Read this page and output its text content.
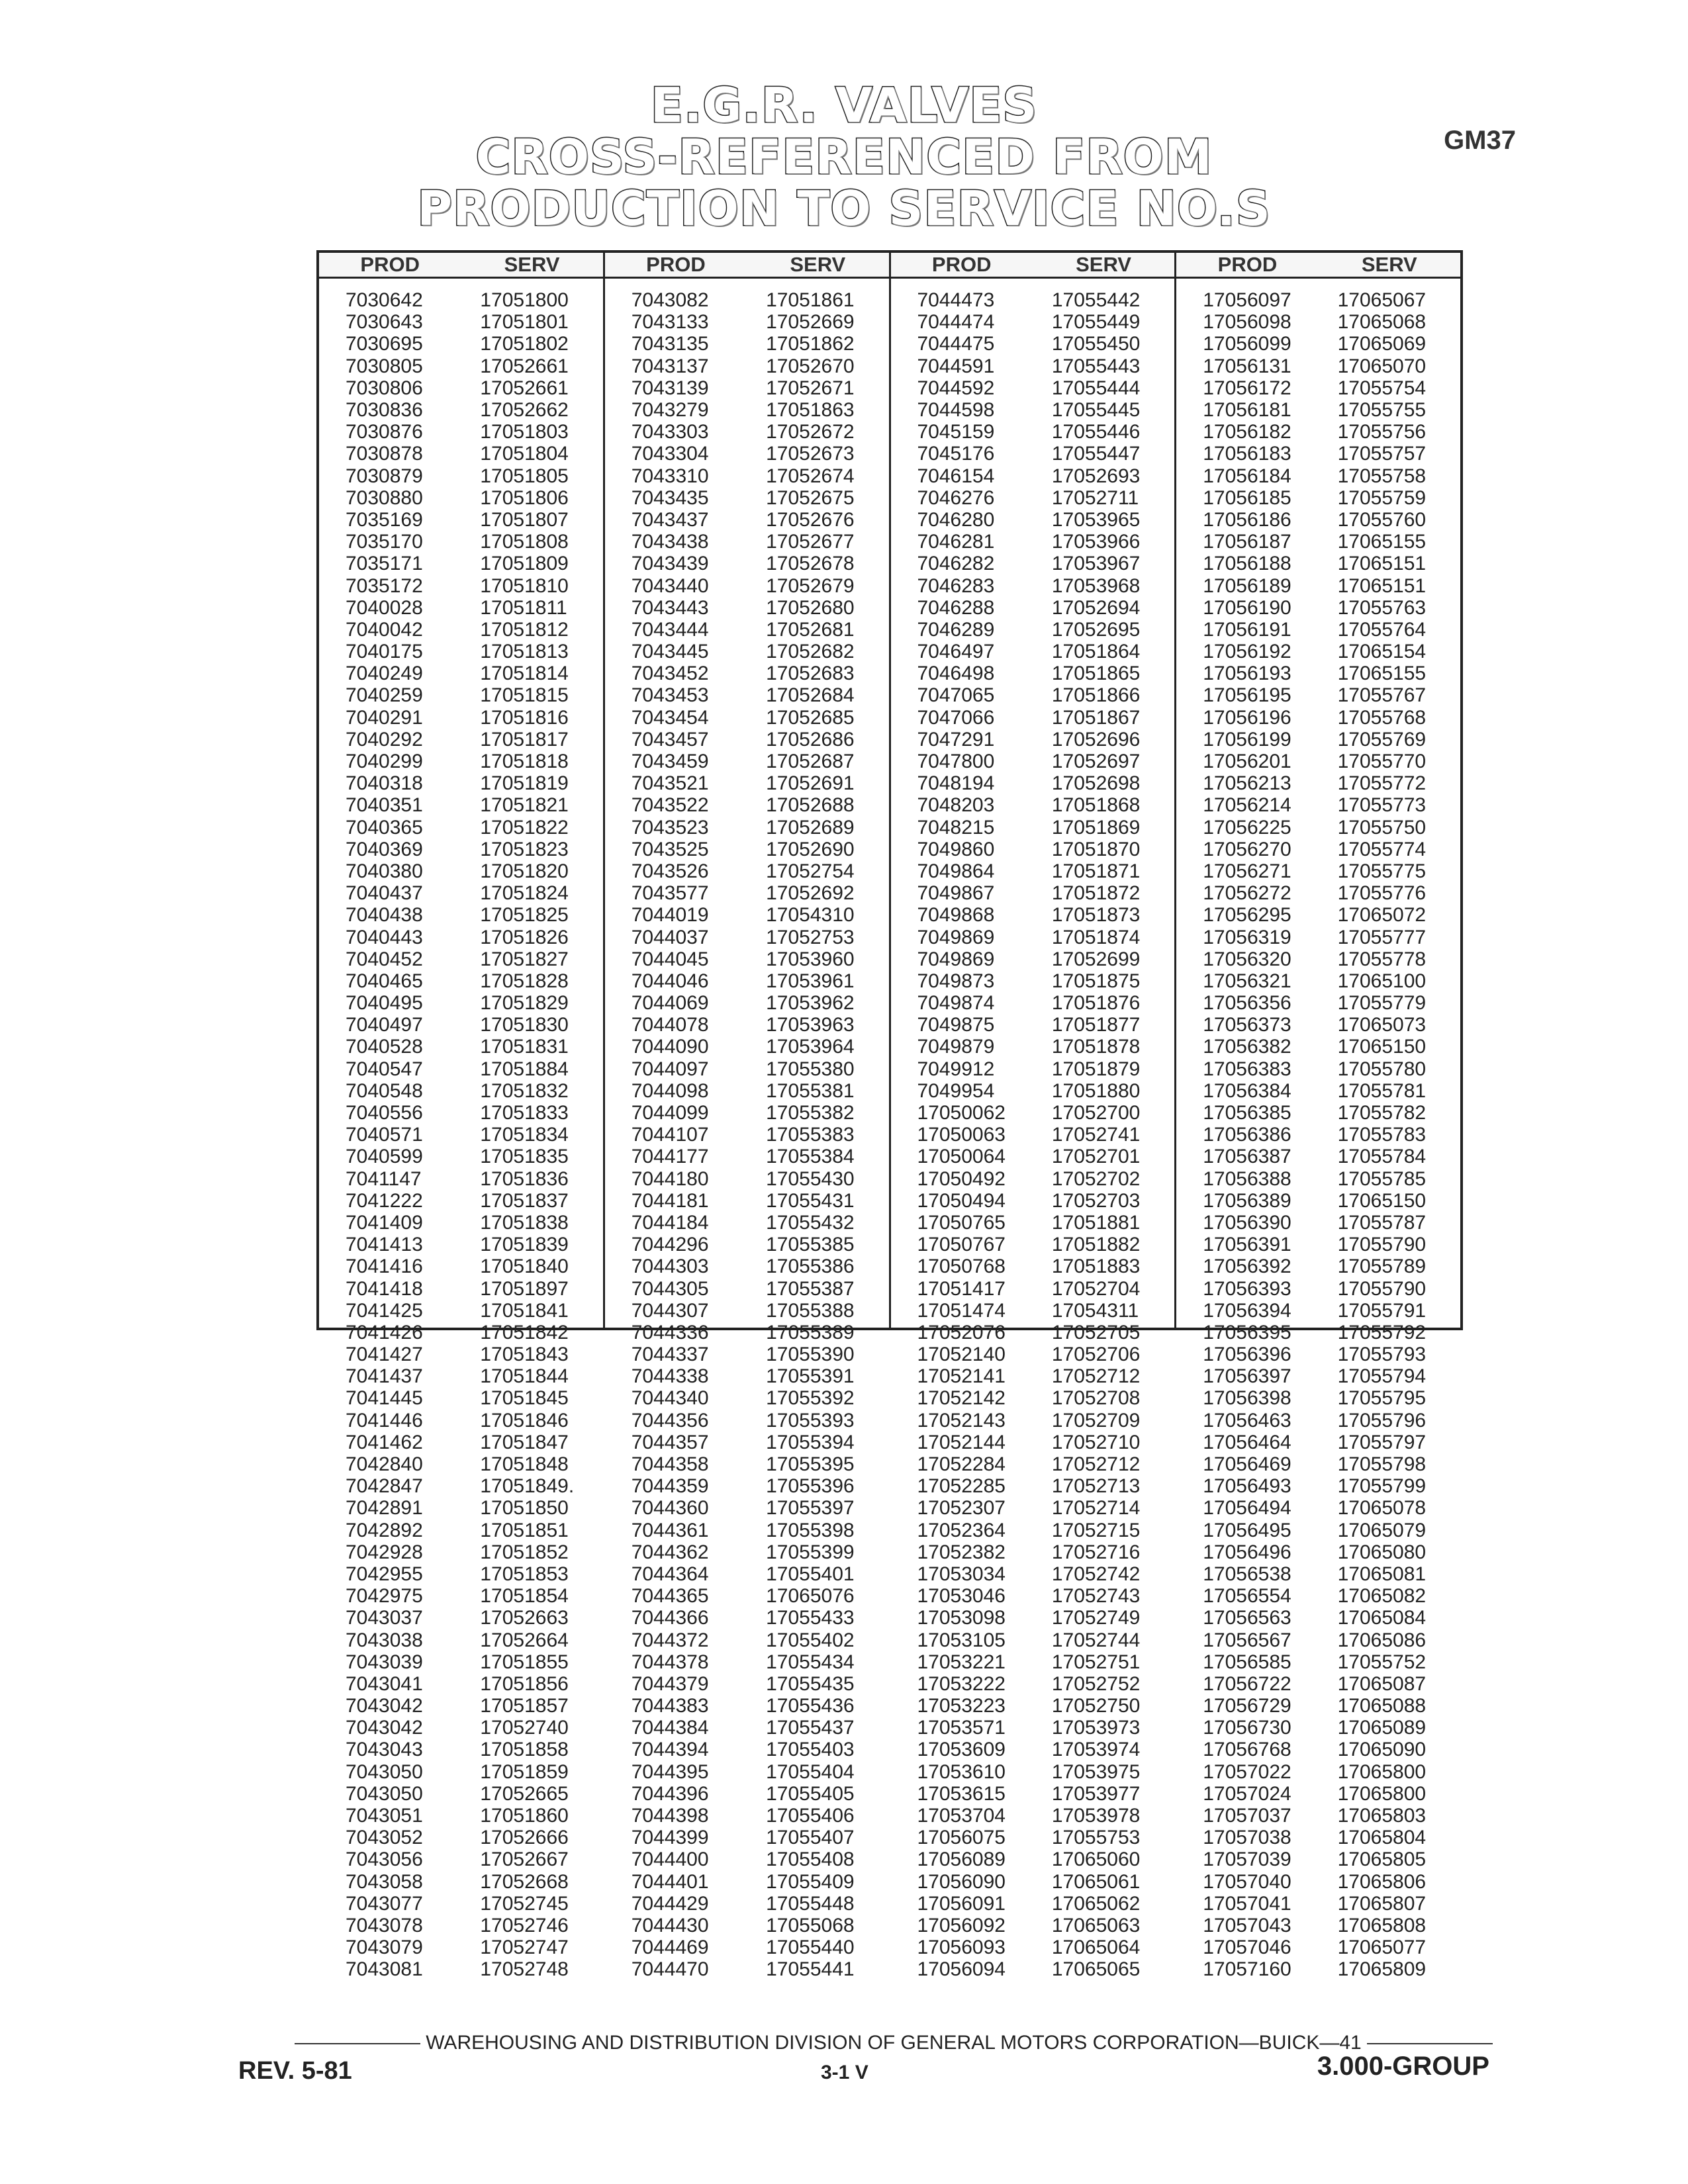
E.G.R. VALVES
CROSS-REFERENCED FROM
PRODUCTION TO SERVICE NO.S
GM37
PROD	SERV
7030642	17051800
7030643	17051801
7030695	17051802
7030805	17052661
7030806	17052661
7030836	17052662
7030876	17051803
7030878	17051804
7030879	17051805
7030880	17051806
7035169	17051807
7035170	17051808
7035171	17051809
7035172	17051810
7040028	17051811
7040042	17051812
7040175	17051813
7040249	17051814
7040259	17051815
7040291	17051816
7040292	17051817
7040299	17051818
7040318	17051819
7040351	17051821
7040365	17051822
7040369	17051823
7040380	17051820
7040437	17051824
7040438	17051825
7040443	17051826
7040452	17051827
7040465	17051828
7040495	17051829
7040497	17051830
7040528	17051831
7040547	17051884
7040548	17051832
7040556	17051833
7040571	17051834
7040599	17051835
7041147	17051836
7041222	17051837
7041409	17051838
7041413	17051839
7041416	17051840
7041418	17051897
7041425	17051841
7041426	17051842
7041427	17051843
7041437	17051844
7041445	17051845
7041446	17051846
7041462	17051847
7042840	17051848
7042847	17051849.
7042891	17051850
7042892	17051851
7042928	17051852
7042955	17051853
7042975	17051854
7043037	17052663
7043038	17052664
7043039	17051855
7043041	17051856
7043042	17051857
7043042	17052740
7043043	17051858
7043050	17051859
7043050	17052665
7043051	17051860
7043052	17052666
7043056	17052667
7043058	17052668
7043077	17052745
7043078	17052746
7043079	17052747
7043081	17052748
PROD	SERV
7043082	17051861
7043133	17052669
7043135	17051862
7043137	17052670
7043139	17052671
7043279	17051863
7043303	17052672
7043304	17052673
7043310	17052674
7043435	17052675
7043437	17052676
7043438	17052677
7043439	17052678
7043440	17052679
7043443	17052680
7043444	17052681
7043445	17052682
7043452	17052683
7043453	17052684
7043454	17052685
7043457	17052686
7043459	17052687
7043521	17052691
7043522	17052688
7043523	17052689
7043525	17052690
7043526	17052754
7043577	17052692
7044019	17054310
7044037	17052753
7044045	17053960
7044046	17053961
7044069	17053962
7044078	17053963
7044090	17053964
7044097	17055380
7044098	17055381
7044099	17055382
7044107	17055383
7044177	17055384
7044180	17055430
7044181	17055431
7044184	17055432
7044296	17055385
7044303	17055386
7044305	17055387
7044307	17055388
7044336	17055389
7044337	17055390
7044338	17055391
7044340	17055392
7044356	17055393
7044357	17055394
7044358	17055395
7044359	17055396
7044360	17055397
7044361	17055398
7044362	17055399
7044364	17055401
7044365	17065076
7044366	17055433
7044372	17055402
7044378	17055434
7044379	17055435
7044383	17055436
7044384	17055437
7044394	17055403
7044395	17055404
7044396	17055405
7044398	17055406
7044399	17055407
7044400	17055408
7044401	17055409
7044429	17055448
7044430	17055068
7044469	17055440
7044470	17055441
PROD	SERV
7044473	17055442
7044474	17055449
7044475	17055450
7044591	17055443
7044592	17055444
7044598	17055445
7045159	17055446
7045176	17055447
7046154	17052693
7046276	17052711
7046280	17053965
7046281	17053966
7046282	17053967
7046283	17053968
7046288	17052694
7046289	17052695
7046497	17051864
7046498	17051865
7047065	17051866
7047066	17051867
7047291	17052696
7047800	17052697
7048194	17052698
7048203	17051868
7048215	17051869
7049860	17051870
7049864	17051871
7049867	17051872
7049868	17051873
7049869	17051874
7049869	17052699
7049873	17051875
7049874	17051876
7049875	17051877
7049879	17051878
7049912	17051879
7049954	17051880
17050062	17052700
17050063	17052741
17050064	17052701
17050492	17052702
17050494	17052703
17050765	17051881
17050767	17051882
17050768	17051883
17051417	17052704
17051474	17054311
17052076	17052705
17052140	17052706
17052141	17052712
17052142	17052708
17052143	17052709
17052144	17052710
17052284	17052712
17052285	17052713
17052307	17052714
17052364	17052715
17052382	17052716
17053034	17052742
17053046	17052743
17053098	17052749
17053105	17052744
17053221	17052751
17053222	17052752
17053223	17052750
17053571	17053973
17053609	17053974
17053610	17053975
17053615	17053977
17053704	17053978
17056075	17055753
17056089	17065060
17056090	17065061
17056091	17065062
17056092	17065063
17056093	17065064
17056094	17065065
PROD	SERV
17056097	17065067
17056098	17065068
17056099	17065069
17056131	17065070
17056172	17055754
17056181	17055755
17056182	17055756
17056183	17055757
17056184	17055758
17056185	17055759
17056186	17055760
17056187	17065155
17056188	17065151
17056189	17065151
17056190	17055763
17056191	17055764
17056192	17065154
17056193	17065155
17056195	17055767
17056196	17055768
17056199	17055769
17056201	17055770
17056213	17055772
17056214	17055773
17056225	17055750
17056270	17055774
17056271	17055775
17056272	17055776
17056295	17065072
17056319	17055777
17056320	17055778
17056321	17065100
17056356	17055779
17056373	17065073
17056382	17065150
17056383	17055780
17056384	17055781
17056385	17055782
17056386	17055783
17056387	17055784
17056388	17055785
17056389	17065150
17056390	17055787
17056391	17055790
17056392	17055789
17056393	17055790
17056394	17055791
17056395	17055792
17056396	17055793
17056397	17055794
17056398	17055795
17056463	17055796
17056464	17055797
17056469	17055798
17056493	17055799
17056494	17065078
17056495	17065079
17056496	17065080
17056538	17065081
17056554	17065082
17056563	17065084
17056567	17065086
17056585	17055752
17056722	17065087
17056729	17065088
17056730	17065089
17056768	17065090
17057022	17065800
17057024	17065800
17057037	17065803
17057038	17065804
17057039	17065805
17057040	17065806
17057041	17065807
17057043	17065808
17057046	17065077
17057160	17065809
WAREHOUSING AND DISTRIBUTION DIVISION OF GENERAL MOTORS CORPORATION—BUICK—41
REV. 5-81	3-1 V	3.000-GROUP
